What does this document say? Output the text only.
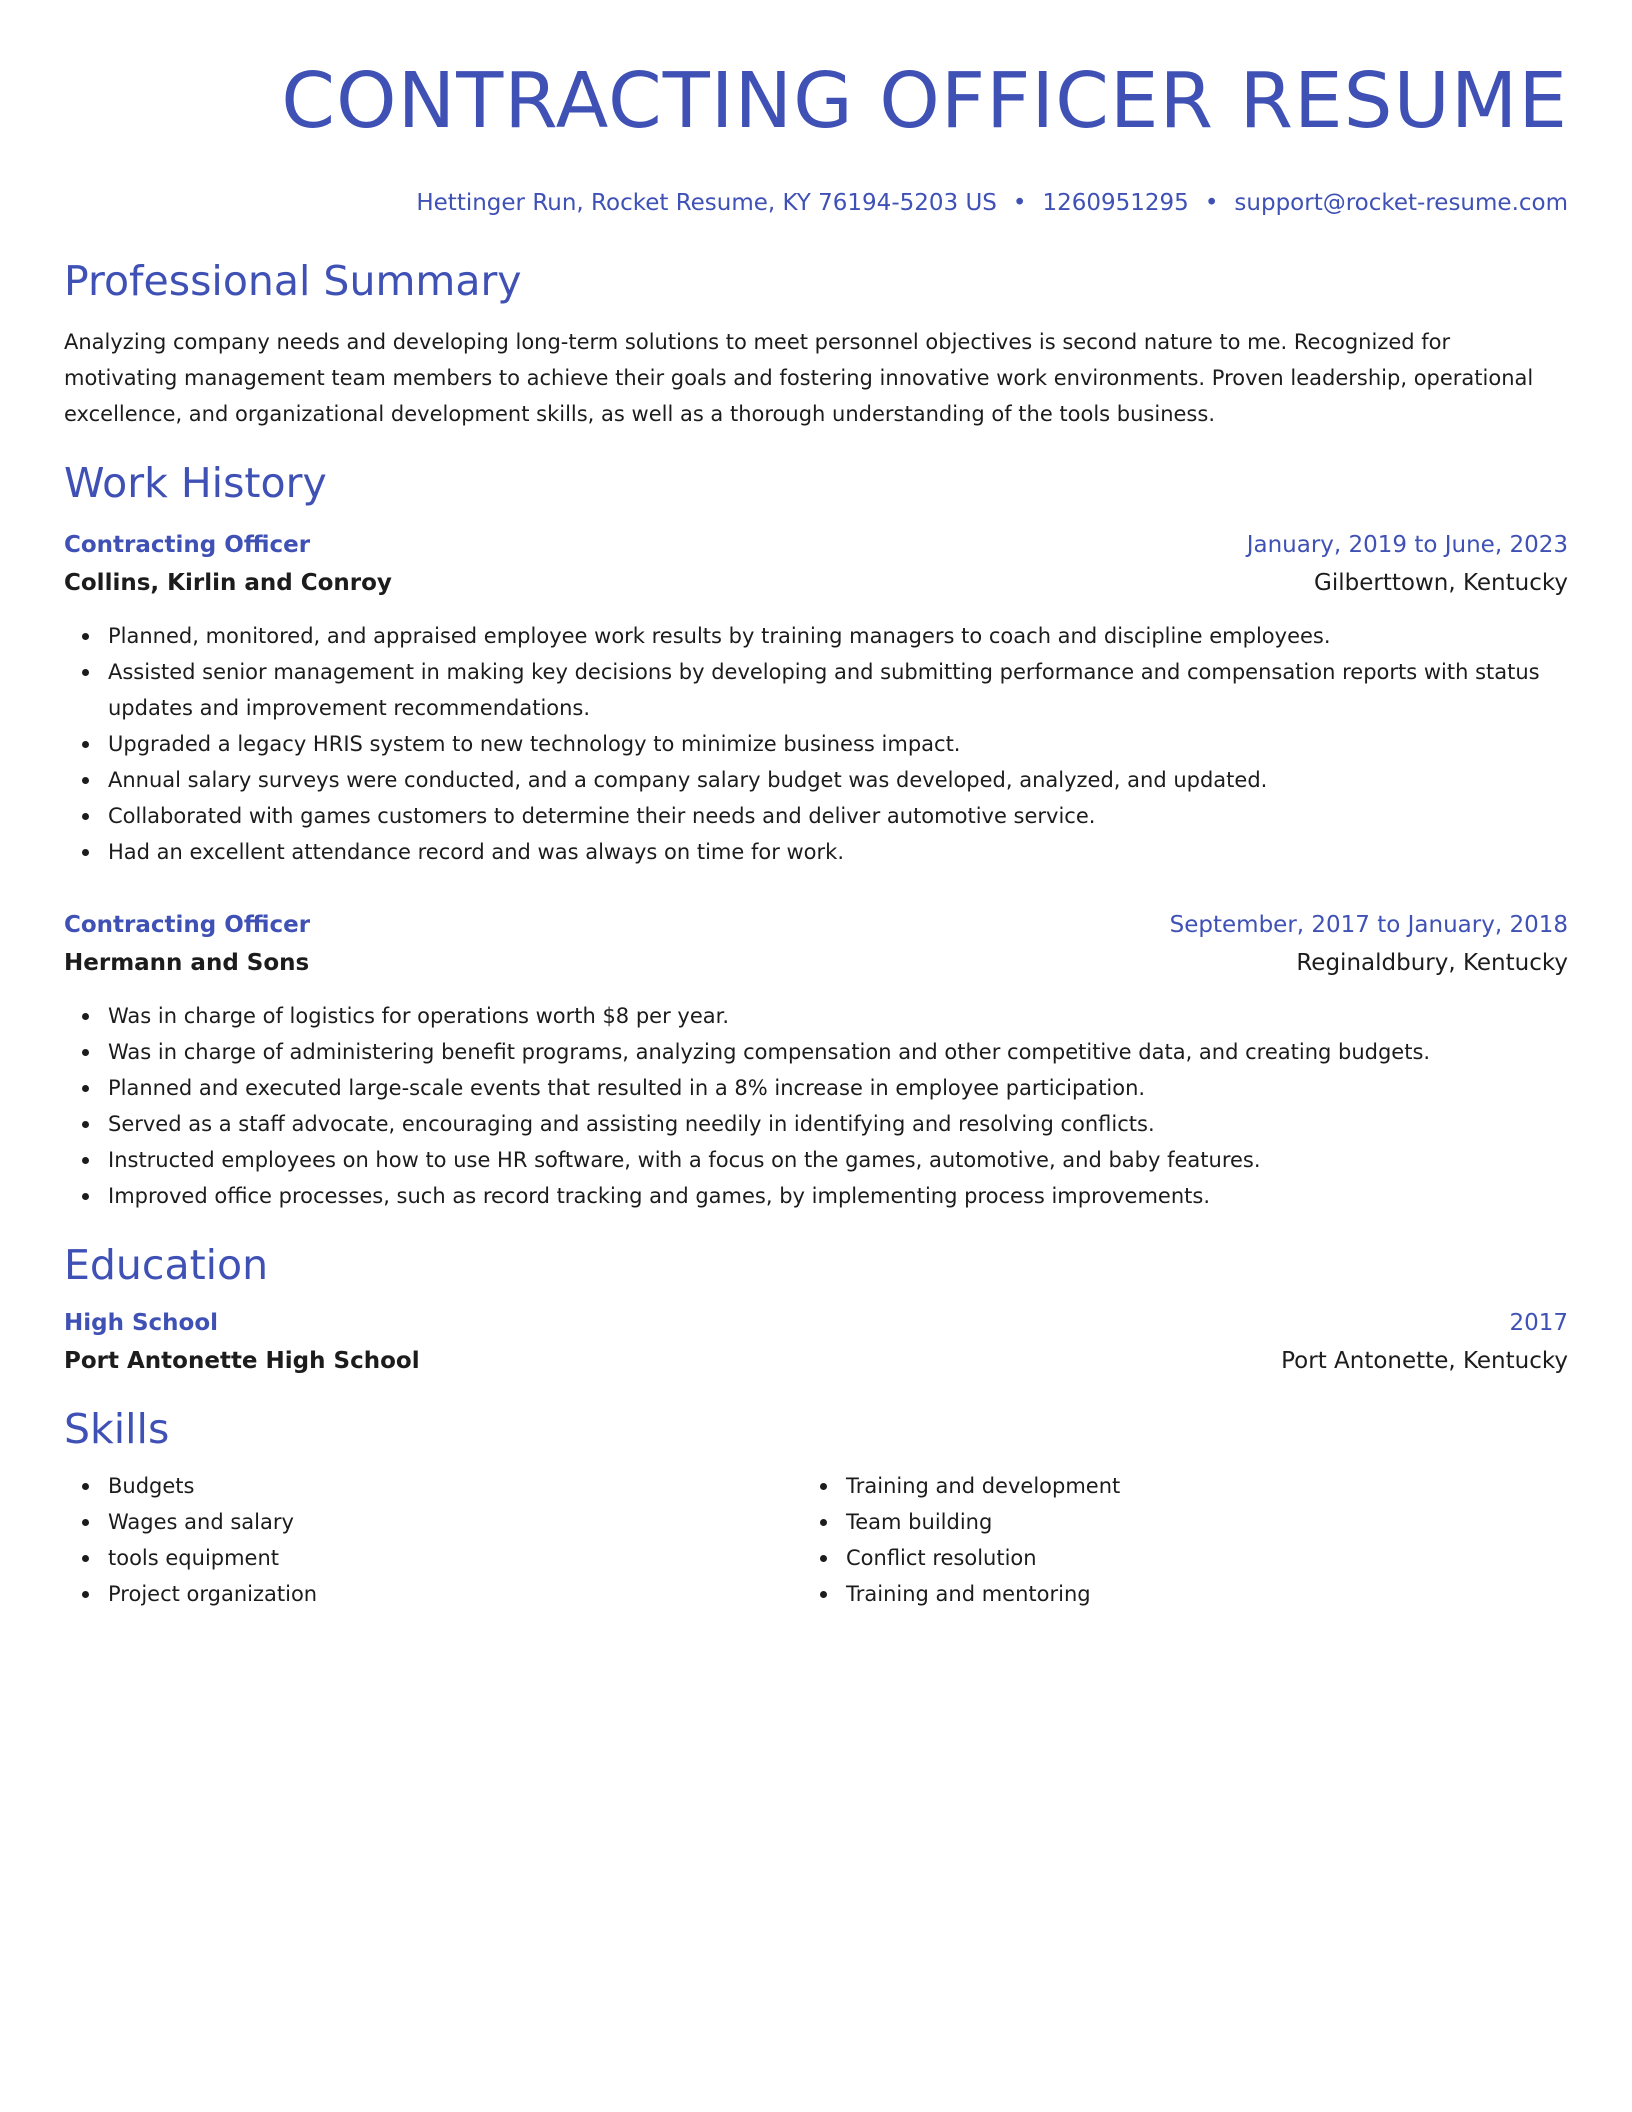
CONTRACTING OFFICER RESUME
Hettinger Run, Rocket Resume, KY 76194-5203 US • 1260951295 • support@rocket-resume.com
Professional Summary
Analyzing company needs and developing long-term solutions to meet personnel objectives is second nature to me. Recognized for motivating management team members to achieve their goals and fostering innovative work environments. Proven leadership, operational excellence, and organizational development skills, as well as a thorough understanding of the tools business.
Work History
Contracting Officer	January, 2019 to June, 2023
Collins, Kirlin and Conroy	Gilberttown, Kentucky
Planned, monitored, and appraised employee work results by training managers to coach and discipline employees.
Assisted senior management in making key decisions by developing and submitting performance and compensation reports with status updates and improvement recommendations.
Upgraded a legacy HRIS system to new technology to minimize business impact.
Annual salary surveys were conducted, and a company salary budget was developed, analyzed, and updated.
Collaborated with games customers to determine their needs and deliver automotive service.
Had an excellent attendance record and was always on time for work.
Contracting Officer	September, 2017 to January, 2018
Hermann and Sons	Reginaldbury, Kentucky
Was in charge of logistics for operations worth $8 per year.
Was in charge of administering benefit programs, analyzing compensation and other competitive data, and creating budgets.
Planned and executed large-scale events that resulted in a 8% increase in employee participation.
Served as a staff advocate, encouraging and assisting needily in identifying and resolving conflicts.
Instructed employees on how to use HR software, with a focus on the games, automotive, and baby features.
Improved office processes, such as record tracking and games, by implementing process improvements.
Education
High School	2017
Port Antonette High School	Port Antonette, Kentucky
Skills
Budgets
Wages and salary
tools equipment
Project organization
Training and development
Team building
Conflict resolution
Training and mentoring
